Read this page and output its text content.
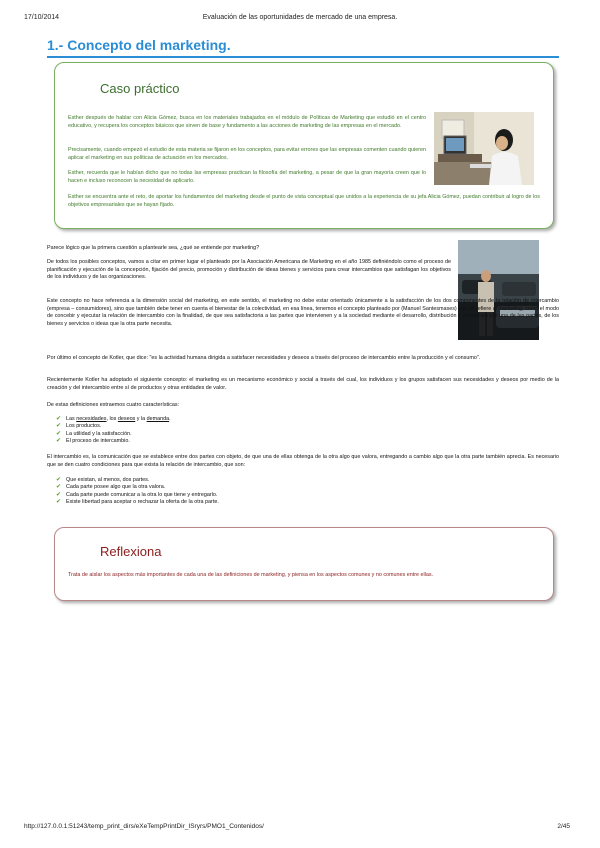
17/10/2014	Evaluación de las oportunidades de mercado de una empresa.
1.- Concepto del marketing.
Caso práctico

Esther después de hablar con Alicia Gómez, busca en los materiales trabajados en el módulo de Políticas de Marketing que estudió en el centro educativo, y recupera los conceptos básicos que sirven de base y fundamento a las acciones de marketing de las empresas en el mercado.

Precisamente, cuando empezó el estudio de esta materia se fijaron en los conceptos, para evitar errores que las empresas comenten cuando quieren aplicar el marketing en sus políticas de actuación en los mercados.

Esther, recuerda que le habían dicho que no todas las empresas practican la filosofía del marketing, a pesar de que la gran mayoría creen que lo hacen e incluso reconocen la necesidad de aplicarlo.

Esther se encuentra ante el reto, de aportar los fundamentos del marketing desde el punto de vista conceptual que unidos a la experiencia de su jefa Alicia Gómez, puedan contribuir al logro de los objetivos empresariales que se hayan fijado.

Parece lógico que la primera cuestión a plantearle sea, ¿qué se entiende por marketing?

De todos los posibles conceptos, vamos a citar en primer lugar el planteado por la Asociación Americana de Marketing en el año 1985 definiéndolo como el proceso de planificación y ejecución de la concepción, fijación del precio, promoción y distribución de ideas bienes y servicios para crear intercambios que satisfagan los objetivos de los individuos y de las organizaciones.

Este concepto no hace referencia a la dimensión social del marketing, en este sentido, el marketing no debe estar orientado únicamente a la satisfacción de los dos componentes de la relación de intercambio (empresa – consumidores), sino que también debe tener en cuenta el bienestar de la colectividad, en esa línea, tenemos el concepto planteado por (Manuel Santesmases) que se refiere al marketing, como el modo de concebir y ejecutar la relación de intercambio con la finalidad, de que sea satisfactoria a las partes que intervienen y a la sociedad mediante el desarrollo, distribución y promoción por una de las partes, de los bienes y servicios o ideas que la otra parte necesita.

Por último el concepto de Kotler, que dice: "es la actividad humana dirigida a satisfacer necesidades y deseos a través del proceso de intercambio entre la producción y el consumo".

Recientemente Kotler ha adoptado el siguiente concepto: el marketing es un mecanismo económico y social a través del cual, los individuos y los grupos satisfacen sus necesidades y deseos por medio de la creación y del intercambio entre sí de productos y otras entidades de valor.

De estas definiciones extraemos cuatro características:

✔ Las necesidades, los deseos y la demanda.
✔ Los productos.
✔ La utilidad y la satisfacción.
✔ El proceso de intercambio.

El intercambio es, la comunicación que se establece entre dos partes con objeto, de que una de ellas obtenga de la otra algo que valora, entregando a cambio algo que la otra parte también aprecia. Es necesario que se den cuatro condiciones para que exista la relación de intercambio, que son:

✔ Que existan, al menos, dos partes.
✔ Cada parte posee algo que la otra valora.
✔ Cada parte puede comunicar a la otra lo que tiene y entregarlo.
✔ Existe libertad para aceptar o rechazar la oferta de la otra parte.
Reflexiona

Trata de aislar los aspectos más importantes de cada una de las definiciones de marketing, y piensa en los aspectos comunes y no comunes entre ellas.

http://127.0.0.1:51243/temp_print_dirs/eXeTempPrintDir_ISryrs/PMO1_Contenidos/	2/45
